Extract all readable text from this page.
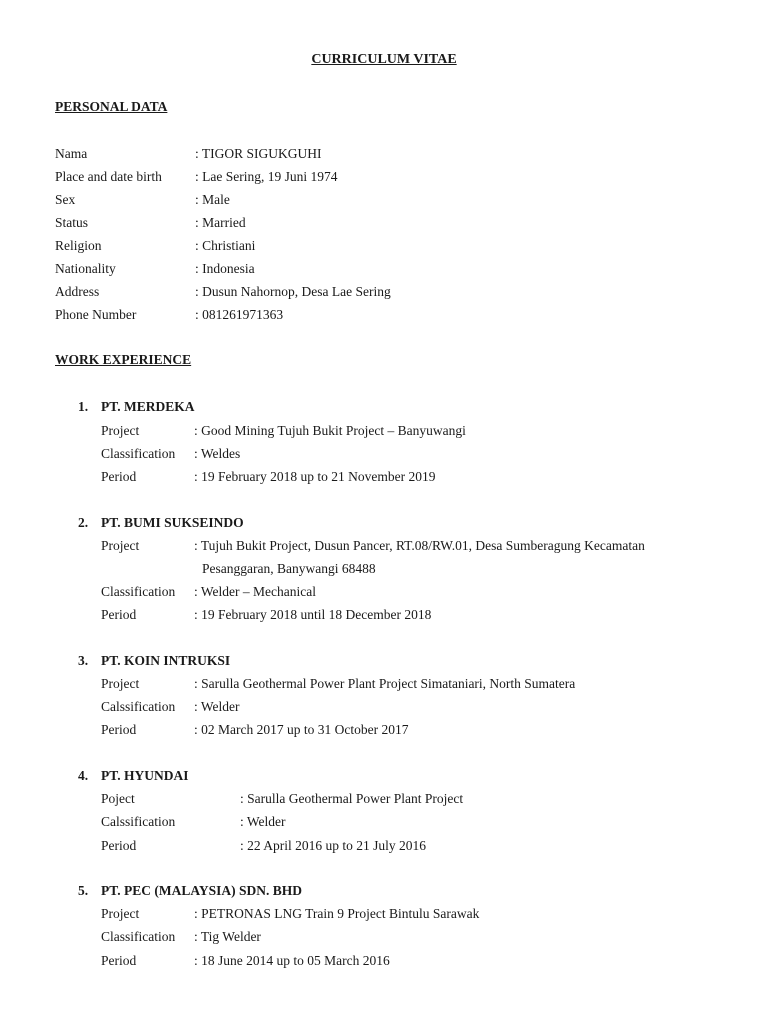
CURRICULUM VITAE
PERSONAL DATA
Nama	: TIGOR SIGUKGUHI
Place and date birth : Lae Sering, 19 Juni 1974
Sex	: Male
Status	: Married
Religion	: Christiani
Nationality	: Indonesia
Address	: Dusun Nahornop, Desa Lae Sering
Phone Number	: 081261971363
WORK EXPERIENCE
1. PT. MERDEKA
Project	: Good Mining Tujuh Bukit Project – Banyuwangi
Classification : Weldes
Period	: 19 February 2018 up to 21 November 2019
2. PT. BUMI SUKSEINDO
Project	: Tujuh Bukit Project, Dusun Pancer, RT.08/RW.01, Desa Sumberagung Kecamatan
Pesanggaran, Banywangi 68488
Classification : Welder – Mechanical
Period	: 19 February 2018 until 18 December 2018
3. PT. KOIN INTRUKSI
Project	: Sarulla Geothermal Power Plant Project Simataniari, North Sumatera
Calssification : Welder
Period	: 02 March 2017 up to 31 October 2017
4. PT. HYUNDAI
Poject	: Sarulla Geothermal Power Plant Project
Calssification	: Welder
Period	: 22 April 2016 up to 21 July 2016
5. PT. PEC (MALAYSIA) SDN. BHD
Project	: PETRONAS LNG Train 9 Project Bintulu Sarawak
Classification : Tig Welder
Period	: 18 June 2014 up to 05 March 2016
